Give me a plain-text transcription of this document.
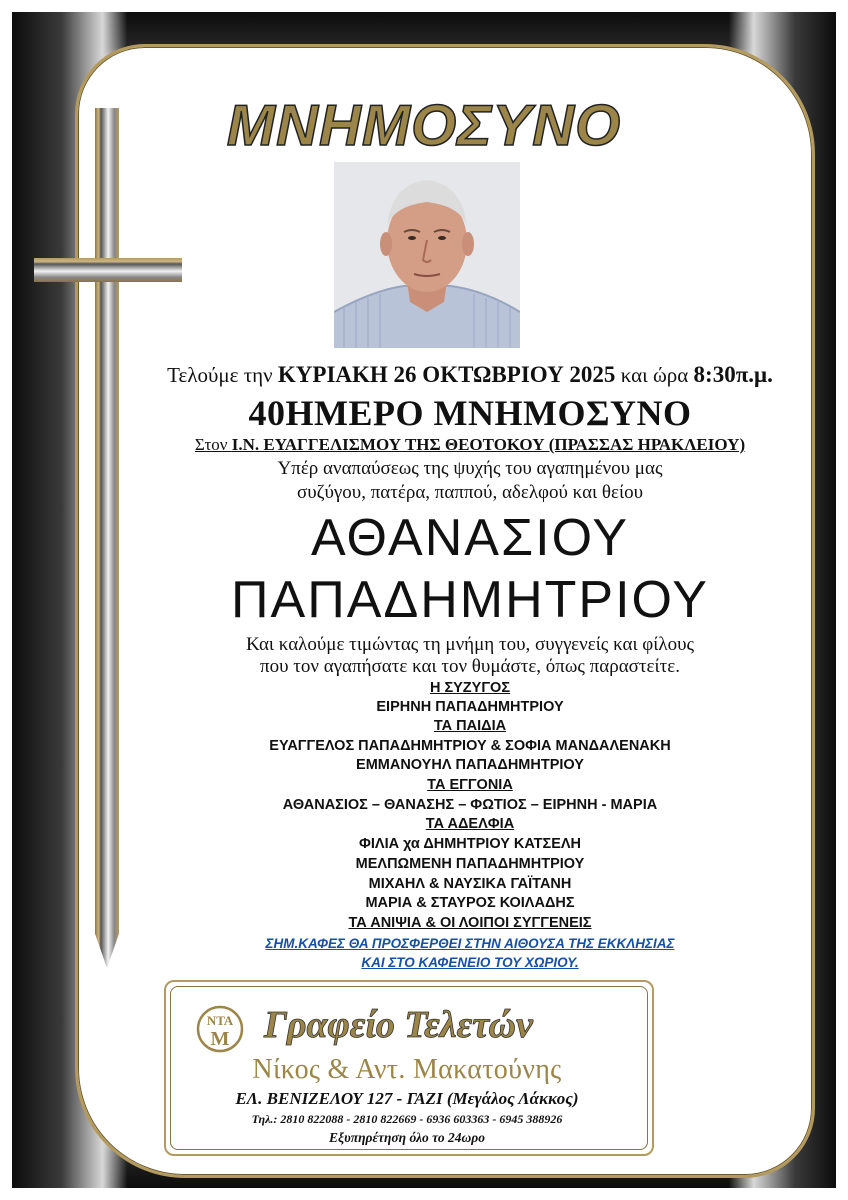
ΜΝΗΜΟΣΥΝΟ
Τελούμε την ΚΥΡΙΑΚΗ 26 ΟΚΤΩΒΡΙΟΥ 2025 και ώρα 8:30π.μ.
40ΗΜΕΡΟ ΜΝΗΜΟΣΥΝΟ
Στον Ι.Ν. ΕΥΑΓΓΕΛΙΣΜΟΥ ΤΗΣ ΘΕΟΤΟΚΟΥ (ΠΡΑΣΣΑΣ ΗΡΑΚΛΕΙΟΥ)
Υπέρ αναπαύσεως της ψυχής του αγαπημένου μας
συζύγου, πατέρα, παππού, αδελφού και θείου
ΑΘΑΝΑΣΙΟΥ
ΠΑΠΑΔΗΜΗΤΡΙΟΥ
Και καλούμε τιμώντας τη μνήμη του, συγγενείς και φίλους
που τον αγαπήσατε και τον θυμάστε, όπως παραστείτε.
Η ΣΥΖΥΓΟΣ
ΕΙΡΗΝΗ ΠΑΠΑΔΗΜΗΤΡΙΟΥ
ΤΑ ΠΑΙΔΙΑ
ΕΥΑΓΓΕΛΟΣ ΠΑΠΑΔΗΜΗΤΡΙΟΥ & ΣΟΦΙΑ ΜΑΝΔΑΛΕΝΑΚΗ
ΕΜΜΑΝΟΥΗΛ ΠΑΠΑΔΗΜΗΤΡΙΟΥ
ΤΑ ΕΓΓΟΝΙΑ
ΑΘΑΝΑΣΙΟΣ – ΘΑΝΑΣΗΣ – ΦΩΤΙΟΣ – ΕΙΡΗΝΗ - ΜΑΡΙΑ
ΤΑ ΑΔΕΛΦΙΑ
ΦΙΛΙΑ χα ΔΗΜΗΤΡΙΟΥ ΚΑΤΣΕΛΗ
ΜΕΛΠΩΜΕΝΗ ΠΑΠΑΔΗΜΗΤΡΙΟΥ
ΜΙΧΑΗΛ & ΝΑΥΣΙΚΑ ΓΑΪΤΑΝΗ
ΜΑΡΙΑ & ΣΤΑΥΡΟΣ ΚΟΙΛΑΔΗΣ
ΤΑ ΑΝΙΨΙΑ & ΟΙ ΛΟΙΠΟΙ ΣΥΓΓΕΝΕΙΣ
ΣΗΜ.ΚΑΦΕΣ ΘΑ ΠΡΟΣΦΕΡΘΕΙ ΣΤΗΝ ΑΙΘΟΥΣΑ ΤΗΣ ΕΚΚΛΗΣΙΑΣ
ΚΑΙ ΣΤΟ ΚΑΦΕΝΕΙΟ ΤΟΥ ΧΩΡΙΟΥ.
ΝΤΑ
Μ Γραφείο Τελετών
Νίκος & Αντ. Μακατούνης
ΕΛ. ΒΕΝΙΖΕΛΟΥ 127 - ΓΑΖΙ (Μεγάλος Λάκκος)
Τηλ.: 2810 822088 - 2810 822669 - 6936 603363 - 6945 388926
Εξυπηρέτηση όλο το 24ωρο
